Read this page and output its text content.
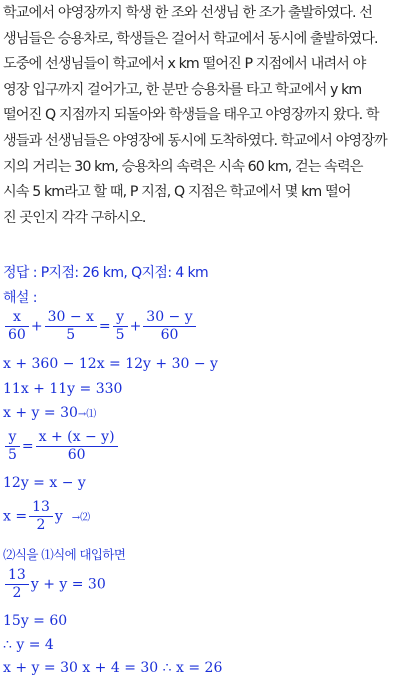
학교에서 야영장까지 학생 한 조와 선생님 한 조가 출발하였다. 선
생님들은 승용차로, 학생들은 걸어서 학교에서 동시에 출발하였다.
도중에 선생님들이 학교에서 x km 떨어진 P 지점에서 내려서 야
영장 입구까지 걸어가고, 한 분만 승용차를 타고 학교에서 y km
떨어진 Q 지점까지 되돌아와 학생들을 태우고 야영장까지 왔다. 학
생들과 선생님들은 야영장에 동시에 도착하였다. 학교에서 야영장까
지의 거리는 30 km, 승용차의 속력은 시속 60 km, 걷는 속력은
시속 5 km라고 할 때, P 지점, Q 지점은 학교에서 몇 km 떨어
진 곳인지 각각 구하시오.
정답 : P지점: 26 km, Q지점: 4 km
해설 :
$\frac{x}{60} + \frac{30 - x}{5} = \frac{y}{5} + \frac{30 - y}{60}$
x + 360 − 12x = 12y + 30 − y
11x + 11y = 330
x + y = 30→⑴
$\frac{y}{5} = \frac{x + (x - y)}{60}$
12y = x − y
$x = \frac{13}{2}$ y →⑵
⑵식을 ⑴식에 대입하면
$\frac{13}{2}$ y + y = 30
15y = 60
∴ y = 4
x + y = 30 x + 4 = 30 ∴ x = 26
